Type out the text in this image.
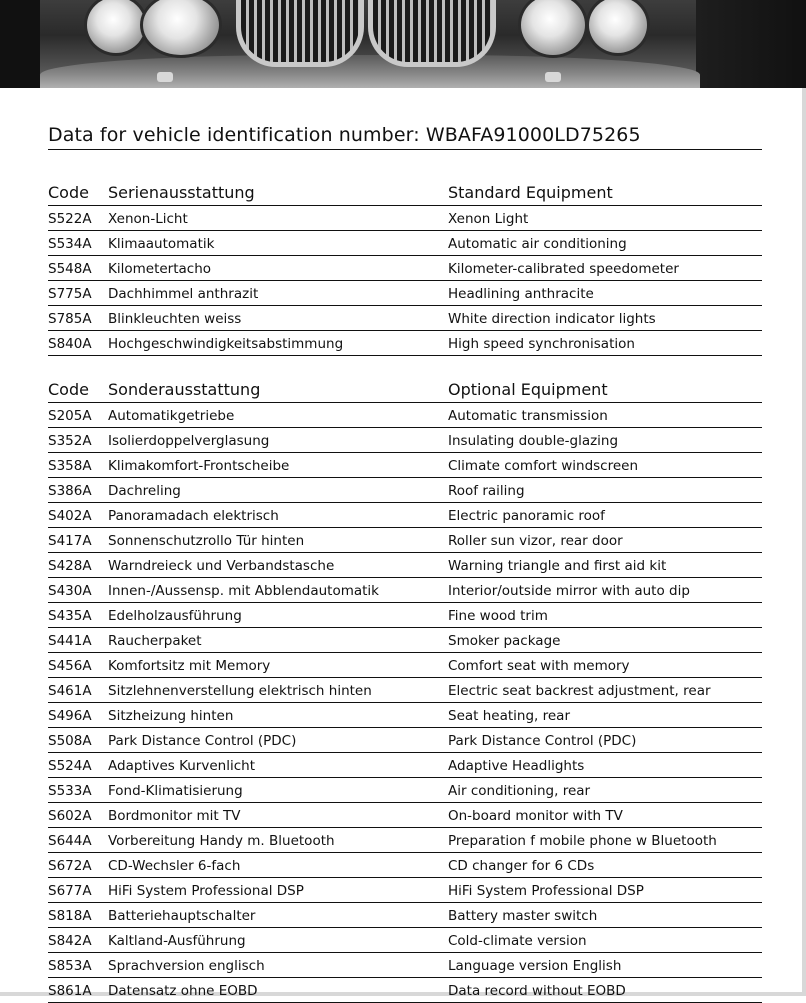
Data for vehicle identification number: WBAFA91000LD75265
Code Serienausstattung	Standard Equipment
S522A Xenon-Licht	Xenon Light
S534A Klimaautomatik	Automatic air conditioning
S548A Kilometertacho	Kilometer-calibrated speedometer
S775A Dachhimmel anthrazit	Headlining anthracite
S785A Blinkleuchten weiss	White direction indicator lights
S840A Hochgeschwindigkeitsabstimmung	High speed synchronisation
Code Sonderausstattung	Optional Equipment
S205A Automatikgetriebe	Automatic transmission
S352A Isolierdoppelverglasung	Insulating double-glazing
S358A Klimakomfort-Frontscheibe	Climate comfort windscreen
S386A Dachreling	Roof railing
S402A Panoramadach elektrisch	Electric panoramic roof
S417A Sonnenschutzrollo Tür hinten	Roller sun vizor, rear door
S428A Warndreieck und Verbandstasche	Warning triangle and first aid kit
S430A Innen-/Aussensp. mit Abblendautomatik	Interior/outside mirror with auto dip
S435A Edelholzausführung	Fine wood trim
S441A Raucherpaket	Smoker package
S456A Komfortsitz mit Memory	Comfort seat with memory
S461A Sitzlehnenverstellung elektrisch hinten	Electric seat backrest adjustment, rear
S496A Sitzheizung hinten	Seat heating, rear
S508A Park Distance Control (PDC)	Park Distance Control (PDC)
S524A Adaptives Kurvenlicht	Adaptive Headlights
S533A Fond-Klimatisierung	Air conditioning, rear
S602A Bordmonitor mit TV	On-board monitor with TV
S644A Vorbereitung Handy m. Bluetooth	Preparation f mobile phone w Bluetooth
S672A CD-Wechsler 6-fach	CD changer for 6 CDs
S677A HiFi System Professional DSP	HiFi System Professional DSP
S818A Batteriehauptschalter	Battery master switch
S842A Kaltland-Ausführung	Cold-climate version
S853A Sprachversion englisch	Language version English
S861A Datensatz ohne EOBD	Data record without EOBD
